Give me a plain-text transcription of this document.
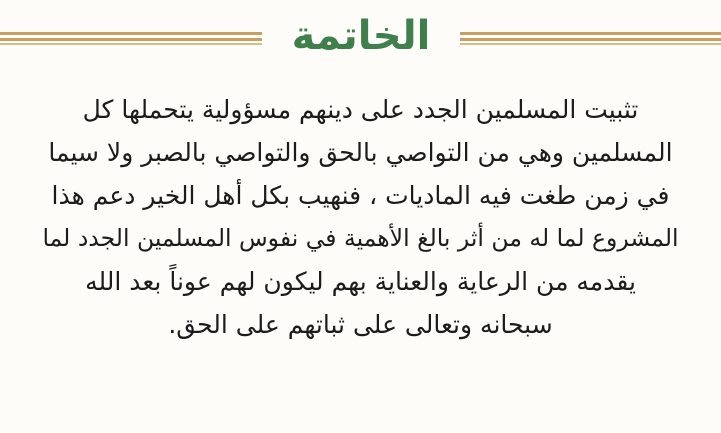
الخاتمة

تثبيت المسلمين الجدد على دينهم مسؤولية يتحملها كل
المسلمين وهي من التواصي بالحق والتواصي بالصبر ولا سيما
في زمن طغت فيه الماديات ، فنهيب بكل أهل الخير دعم هذا
المشروع لما له من أثر بالغ الأهمية في نفوس المسلمين الجدد لما
يقدمه من الرعاية والعناية بهم ليكون لهم عوناً بعد الله
سبحانه وتعالى على ثباتهم على الحق.
